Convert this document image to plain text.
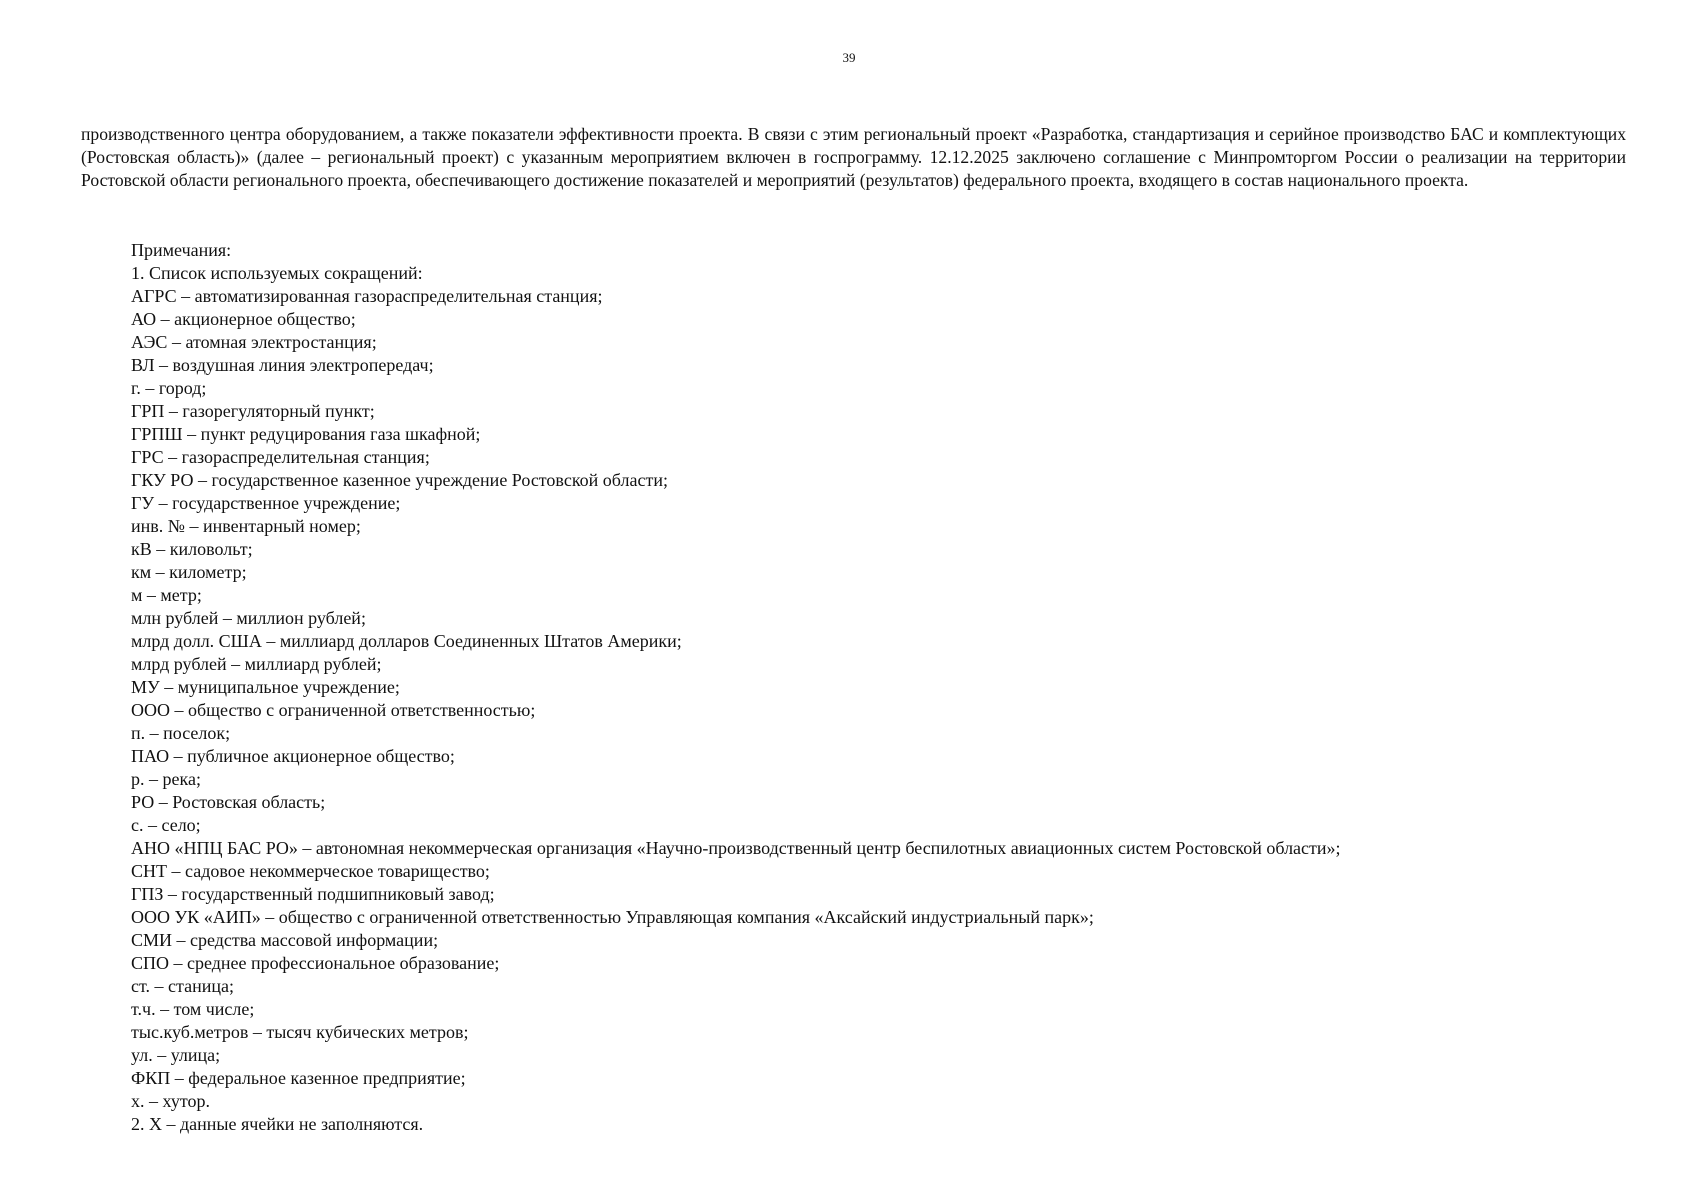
39

производственного центра оборудованием, а также показатели эффективности проекта. В связи с этим региональный проект «Разработка, стандартизация и серийное производство БАС и комплектующих (Ростовская область)» (далее – региональный проект) с указанным мероприятием включен в госпрограмму. 12.12.2025 заключено соглашение с Минпромторгом России о реализации на территории Ростовской области регионального проекта, обеспечивающего достижение показателей и мероприятий (результатов) федерального проекта, входящего в состав национального проекта.

Примечания:
1. Список используемых сокращений:
АГРС – автоматизированная газораспределительная станция;
АО – акционерное общество;
АЭС – атомная электростанция;
ВЛ – воздушная линия электропередач;
г. – город;
ГРП – газорегуляторный пункт;
ГРПШ – пункт редуцирования газа шкафной;
ГРС – газораспределительная станция;
ГКУ РО – государственное казенное учреждение Ростовской области;
ГУ – государственное учреждение;
инв. № – инвентарный номер;
кВ – киловольт;
км – километр;
м – метр;
млн рублей – миллион рублей;
млрд долл. США – миллиард долларов Соединенных Штатов Америки;
млрд рублей – миллиард рублей;
МУ – муниципальное учреждение;
ООО – общество с ограниченной ответственностью;
п. – поселок;
ПАО – публичное акционерное общество;
р. – река;
РО – Ростовская область;
с. – село;
АНО «НПЦ БАС РО» – автономная некоммерческая организация «Научно-производственный центр беспилотных авиационных систем Ростовской области»;
СНТ – садовое некоммерческое товарищество;
ГПЗ – государственный подшипниковый завод;
ООО УК «АИП» – общество с ограниченной ответственностью Управляющая компания «Аксайский индустриальный парк»;
СМИ – средства массовой информации;
СПО – среднее профессиональное образование;
ст. – станица;
т.ч. – том числе;
тыс.куб.метров – тысяч кубических метров;
ул. – улица;
ФКП – федеральное казенное предприятие;
х. – хутор.
2. Х – данные ячейки не заполняются.
